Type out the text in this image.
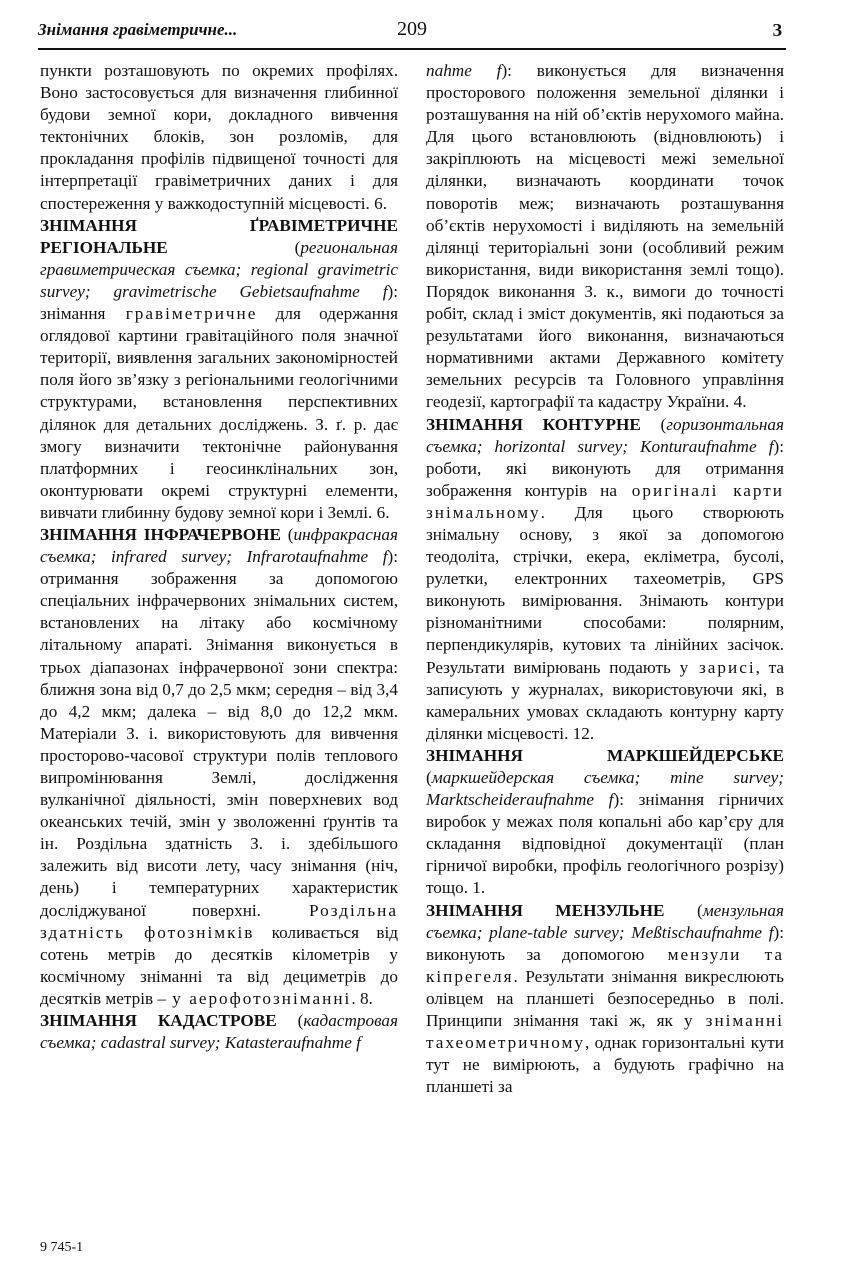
Знімання гравіметричне...	209	З

пункти розташовують по окремих профілях. Воно застосовується для визначення глибинної будови земної кори, докладного вивчення тектонічних блоків, зон розломів, для прокладання профілів підвищеної точності для інтерпретації гравіметричних даних і для спостереження у важкодоступній місцевості. 6.

ЗНІМАННЯ ҐРАВІМЕТРИЧНЕ РЕГІОНАЛЬНЕ	(региональная гравиметрическая съемка; regional gravimetric survey; gravimetrische Gebietsaufnahme f): знімання гравіметричне для одержання оглядової картини гравітаційного поля значної території, виявлення загальних закономірностей поля його зв’язку з регіональними геологічними структурами, встановлення перспективних ділянок для детальних досліджень. З. ґ. р. дає змогу визначити тектонічне районування платформних і геосинклінальних зон, оконтурювати окремі структурні елементи, вивчати глибинну будову земної кори і Землі. 6.

ЗНІМАННЯ ІНФРАЧЕРВОНЕ (инфракрасная съемка; infrared survey; Infrarotaufnahme f): отримання зображення за допомогою спеціальних інфрачервоних знімальних систем, встановлених на літаку або космічному літальному апараті. Знімання виконується в трьох діапазонах інфрачервоної зони спектра: ближня зона від 0,7 до 2,5 мкм; середня – від 3,4 до 4,2 мкм; далека – від 8,0 до 12,2 мкм. Матеріали З. і. використовують для вивчення просторово-часової структури полів теплового випромінювання Землі, дослідження вулканічної діяльності, змін поверхневих вод океанських течій, змін у зволоженні ґрунтів та ін. Роздільна здатність З. і. здебільшого залежить від висоти лету, часу знімання (ніч, день) і температурних характеристик досліджуваної поверхні. Роздільна здатність фотознімків коливається від сотень метрів до десятків кілометрів у космічному зніманні та від дециметрів до десятків метрів – у аерофотозніманні. 8.

ЗНІМАННЯ КАДАСТРОВЕ (кадастровая съемка; cadastral survey; Katasteraufnahme f

nahme f): виконується для визначення просторового положення земельної ділянки і розташування на ній об’єктів нерухомого майна. Для цього встановлюють (відновлюють) і закріплюють на місцевості межі земельної ділянки, визначають координати точок поворотів меж; визначають розташування об’єктів нерухомості і виділяють на земельній ділянці територіальні зони (особливий режим використання, види використання землі тощо). Порядок виконання З. к., вимоги до точності робіт, склад і зміст документів, які подаються за результатами його виконання, визначаються нормативними актами Державного комітету земельних ресурсів та Головного управління геодезії, картографії та кадастру України. 4.

ЗНІМАННЯ КОНТУРНЕ (горизонтальная съемка; horizontal survey; Konturaufnahme f): роботи, які виконують для отримання зображення контурів на оригіналі карти знімальному. Для цього створюють знімальну основу, з якої за допомогою теодоліта, стрічки, екера, екліметра, бусолі, рулетки, електронних тахеометрів, GPS виконують вимірювання. Знімають контури різноманітними способами: полярним, перпендикулярів, кутових та лінійних засічок. Результати вимірювань подають у зарисі, та записують у журналах, використовуючи які, в камеральних умовах складають контурну карту ділянки місцевості. 12.

ЗНІМАННЯ МАРКШЕЙДЕРСЬКЕ (маркшейдерская съемка; mine survey; Marktscheideraufnahme f): знімання гірничих виробок у межах поля копальні або кар’єру для складання відповідної документації (план гірничої виробки, профіль геологічного розрізу) тощо. 1.

ЗНІМАННЯ МЕНЗУЛЬНЕ (мензульная съемка; plane-table survey; Meßtischaufnahme f): виконують за допомогою мензули та кіпрегеля. Результати знімання викреслюють олівцем на планшеті безпосередньо в полі. Принципи знімання такі ж, як у зніманні тахеометричному, однак горизонтальні кути тут не вимірюють, а будують графічно на планшеті за

9 745-1
